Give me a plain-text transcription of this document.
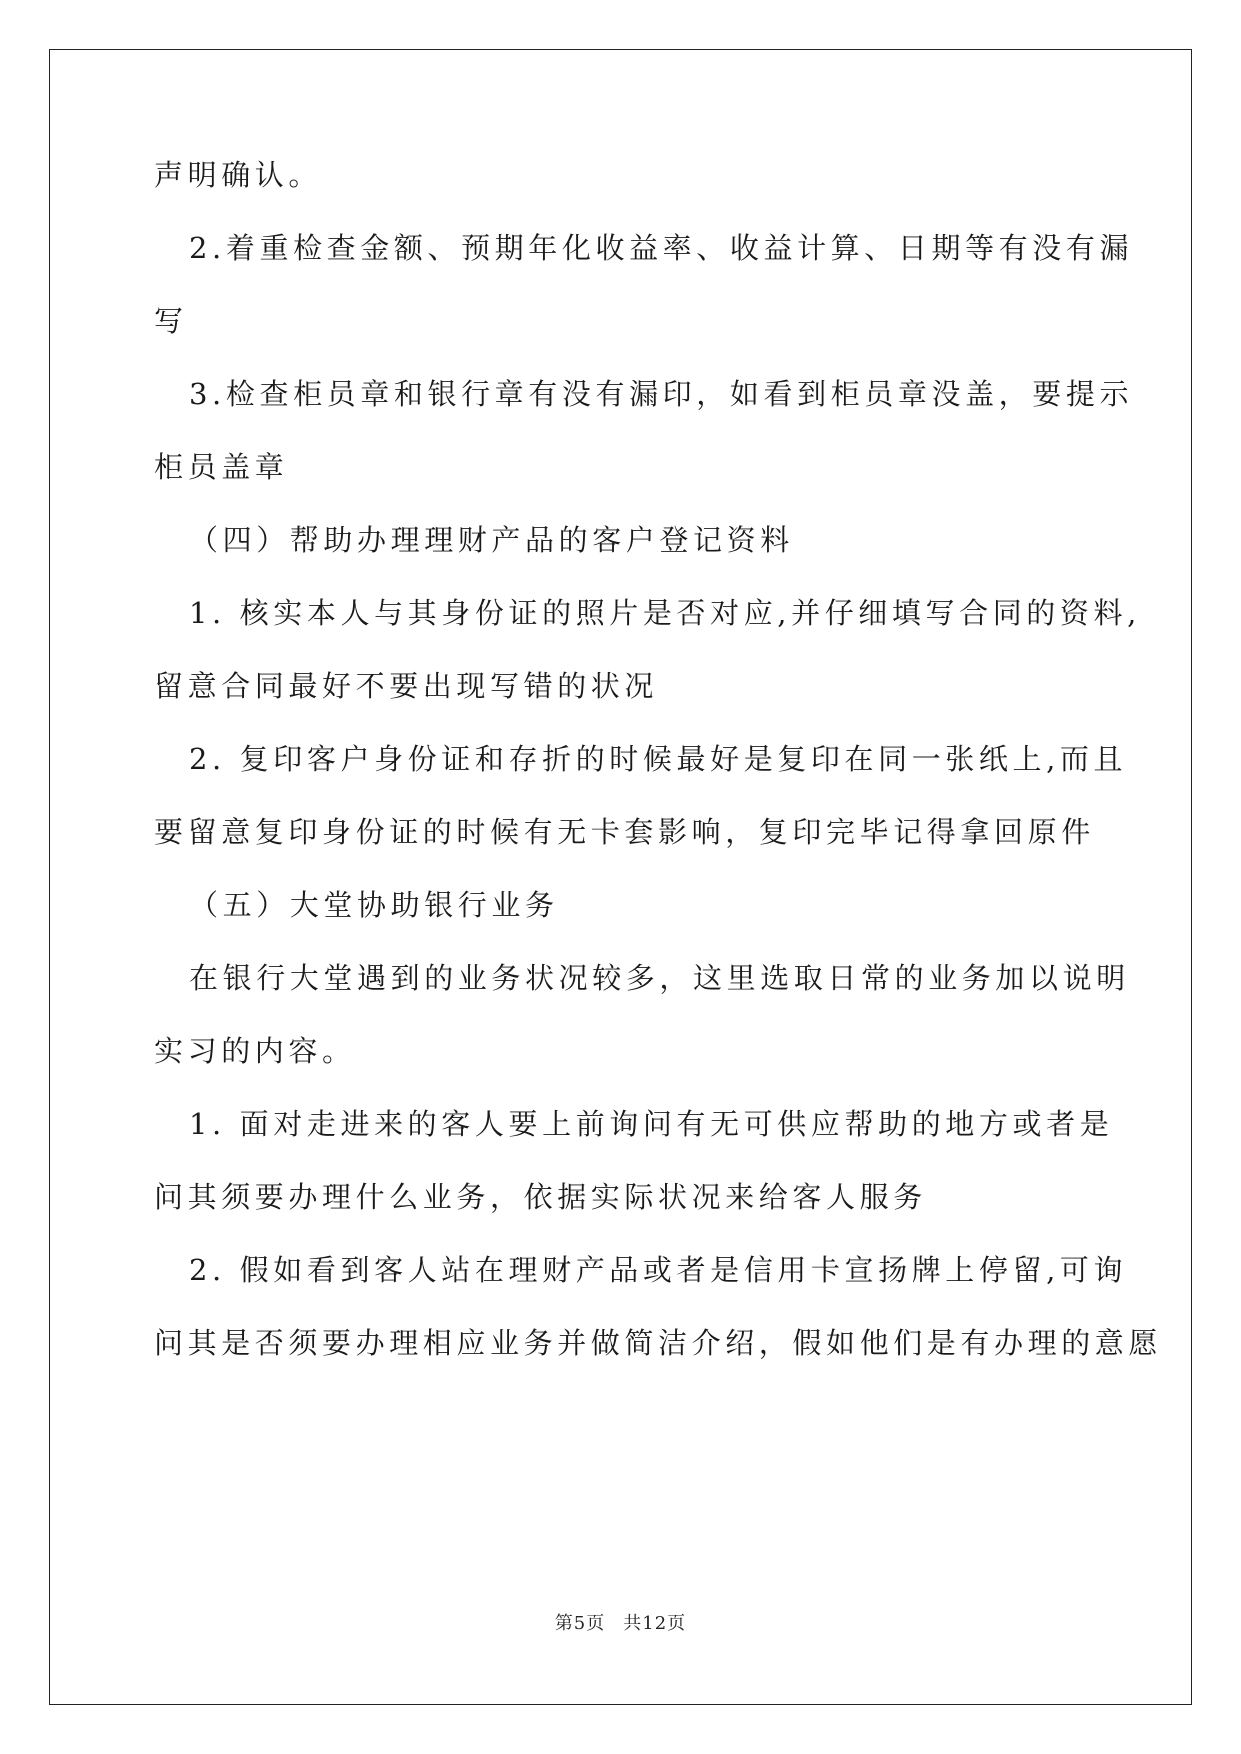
声明确认。
2.着重检查金额、预期年化收益率、收益计算、日期等有没有漏
写
3.检查柜员章和银行章有没有漏印，如看到柜员章没盖，要提示
柜员盖章
（四）帮助办理理财产品的客户登记资料
1. 核实本人与其身份证的照片是否对应,并仔细填写合同的资料,
留意合同最好不要出现写错的状况
2. 复印客户身份证和存折的时候最好是复印在同一张纸上,而且
要留意复印身份证的时候有无卡套影响，复印完毕记得拿回原件
（五）大堂协助银行业务
在银行大堂遇到的业务状况较多，这里选取日常的业务加以说明
实习的内容。
1. 面对走进来的客人要上前询问有无可供应帮助的地方或者是
问其须要办理什么业务，依据实际状况来给客人服务
2. 假如看到客人站在理财产品或者是信用卡宣扬牌上停留,可询
问其是否须要办理相应业务并做简洁介绍，假如他们是有办理的意愿
第5页 共12页
